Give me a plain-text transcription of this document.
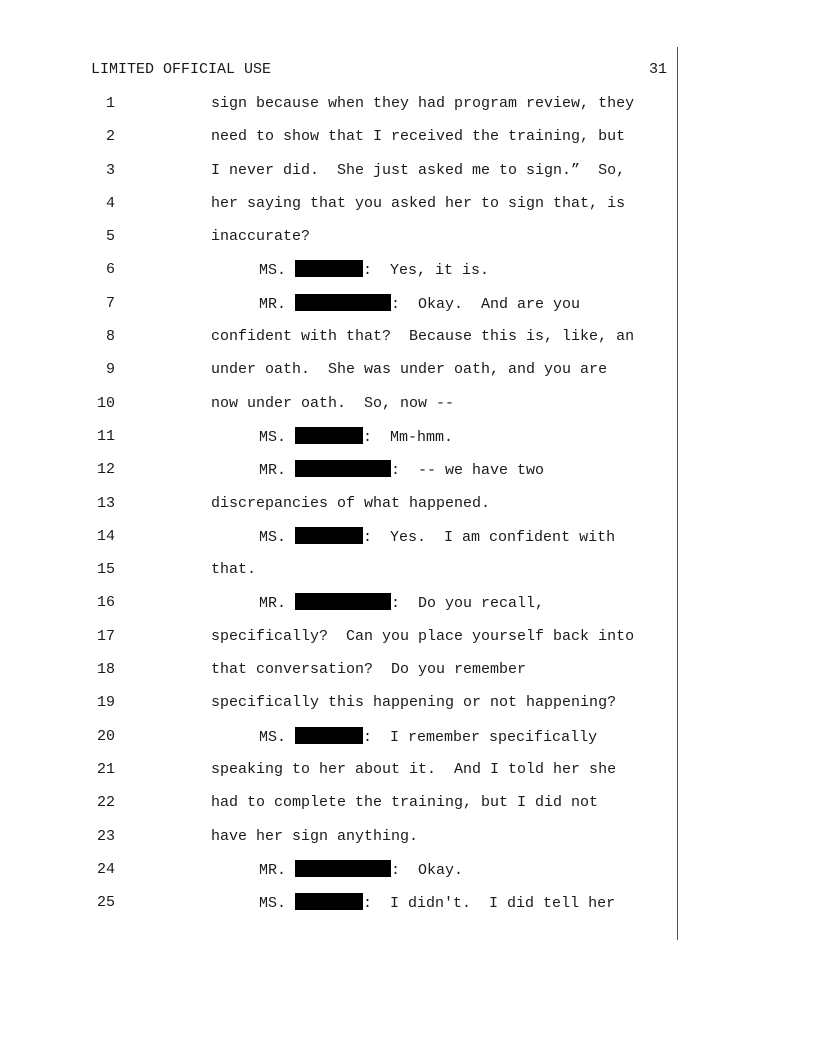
LIMITED OFFICIAL USE	31
1	sign because when they had program review, they
2	need to show that I received the training, but
3	I never did.  She just asked me to sign.”  So,
4	her saying that you asked her to sign that, is
5	inaccurate?
6	MS.	:  Yes, it is.
7	MR.	:  Okay.  And are you
8	confident with that?  Because this is, like, an
9	under oath.  She was under oath, and you are
10	now under oath.  So, now --
11	MS.	:  Mm-hmm.
12	MR.	:  -- we have two
13	discrepancies of what happened.
14	MS.	:  Yes.  I am confident with
15	that.
16	MR.	:  Do you recall,
17	specifically?  Can you place yourself back into
18	that conversation?  Do you remember
19	specifically this happening or not happening?
20	MS.	:  I remember specifically
21	speaking to her about it.  And I told her she
22	had to complete the training, but I did not
23	have her sign anything.
24	MR.	:  Okay.
25	MS.	:  I didn't.  I did tell her
